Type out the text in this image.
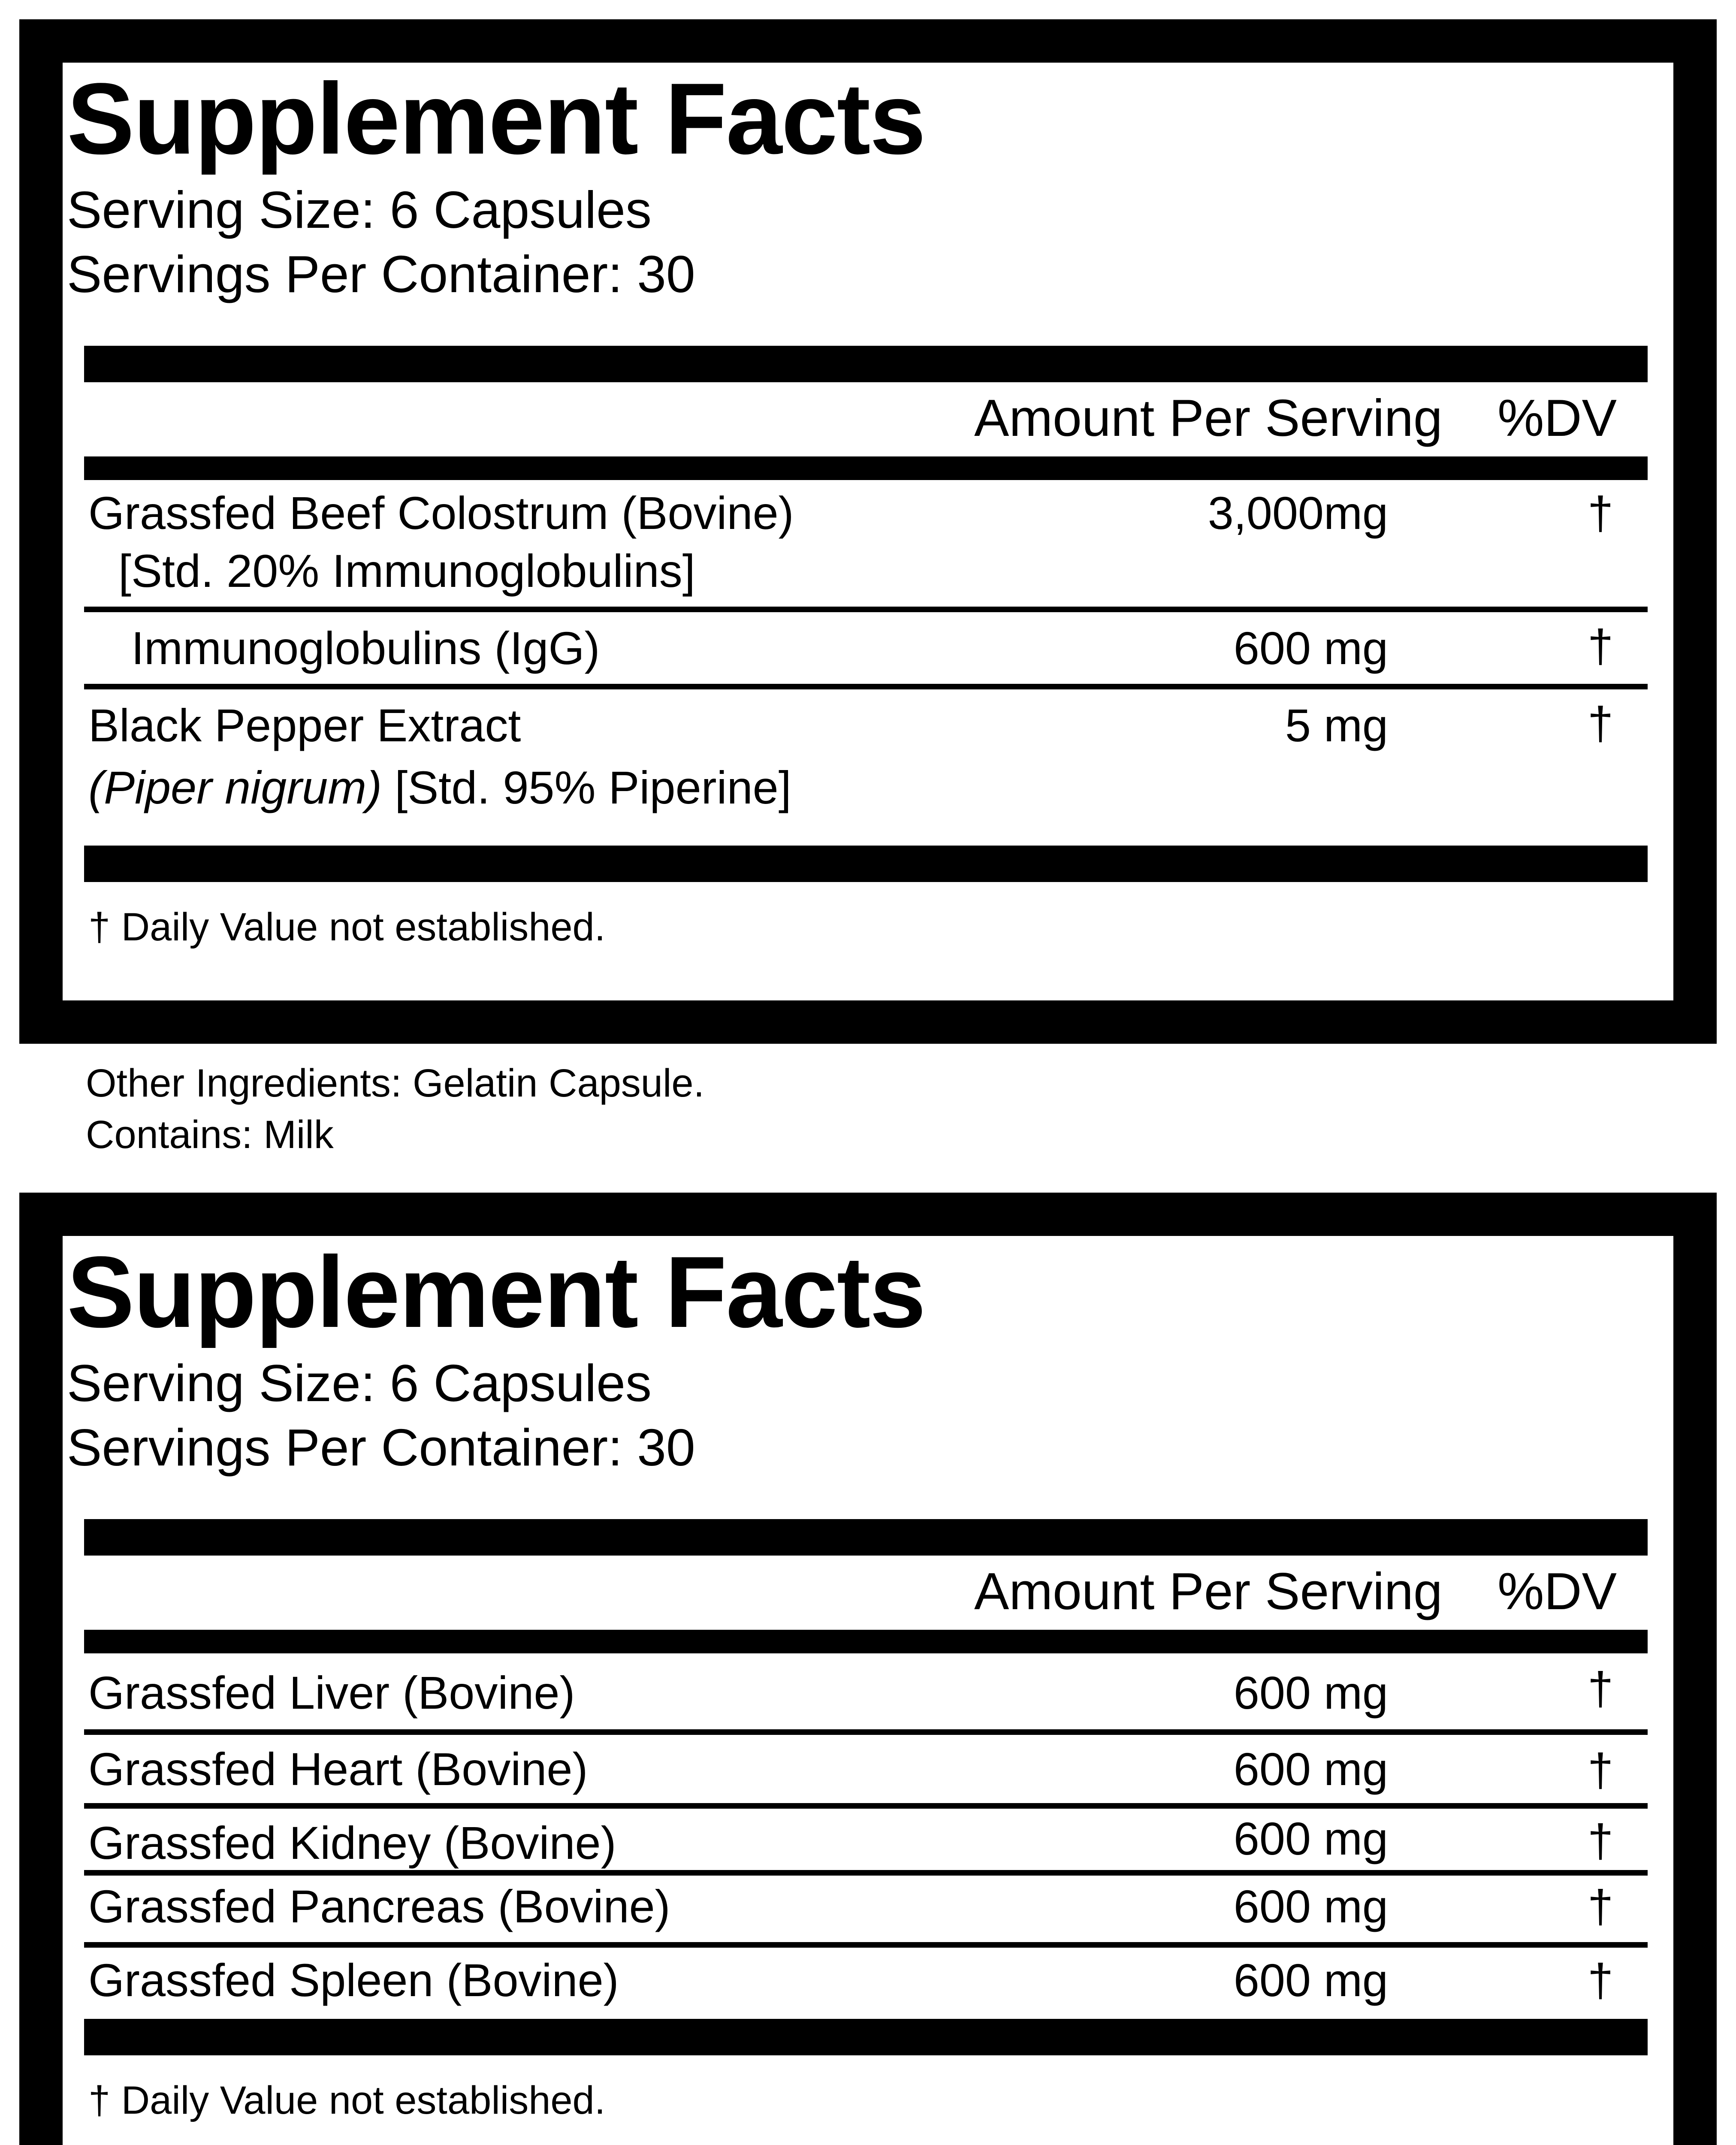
Supplement Facts
Serving Size: 6 Capsules
Servings Per Container: 30
Amount Per Serving %DV
Grassfed Beef Colostrum (Bovine)
[Std. 20% Immunoglobulins]
3,000mg	†
Immunoglobulins (IgG)	600 mg	†
Black Pepper Extract
(Piper nigrum) [Std. 95% Piperine]
5 mg	†
† Daily Value not established.
Other Ingredients: Gelatin Capsule.
Contains: Milk
Supplement Facts
Serving Size: 6 Capsules
Servings Per Container: 30
Amount Per Serving %DV
Grassfed Liver (Bovine)	600 mg	†
Grassfed Heart (Bovine)	600 mg	†
Grassfed Kidney (Bovine)	600 mg	†
Grassfed Pancreas (Bovine)	600 mg	†
Grassfed Spleen (Bovine)	600 mg	†
† Daily Value not established.
